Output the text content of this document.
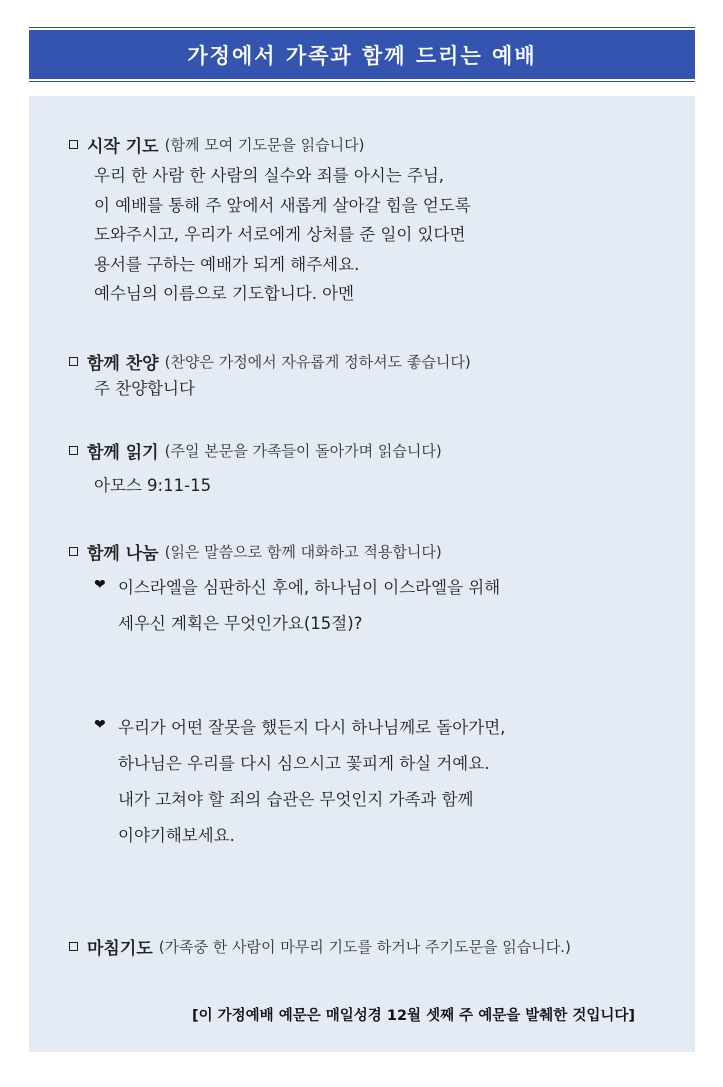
가정에서 가족과 함께 드리는 예배
시작 기도 (함께 모여 기도문을 읽습니다)
우리 한 사람 한 사람의 실수와 죄를 아시는 주님,
이 예배를 통해 주 앞에서 새롭게 살아갈 힘을 얻도록
도와주시고, 우리가 서로에게 상처를 준 일이 있다면
용서를 구하는 예배가 되게 해주세요.
예수님의 이름으로 기도합니다. 아멘
함께 찬양 (찬양은 가정에서 자유롭게 정하셔도 좋습니다)
주 찬양합니다
함께 읽기 (주일 본문을 가족들이 돌아가며 읽습니다)
아모스 9:11-15
함께 나눔 (읽은 말씀으로 함께 대화하고 적용합니다)
❤ 이스라엘을 심판하신 후에, 하나님이 이스라엘을 위해
세우신 계획은 무엇인가요(15절)?
❤ 우리가 어떤 잘못을 했든지 다시 하나님께로 돌아가면,
하나님은 우리를 다시 심으시고 꽃피게 하실 거예요.
내가 고쳐야 할 죄의 습관은 무엇인지 가족과 함께
이야기해보세요.
마침기도 (가족중 한 사람이 마무리 기도를 하거나 주기도문을 읽습니다.)
[이 가정예배 예문은 매일성경 12월 셋째 주 예문을 발췌한 것입니다]
